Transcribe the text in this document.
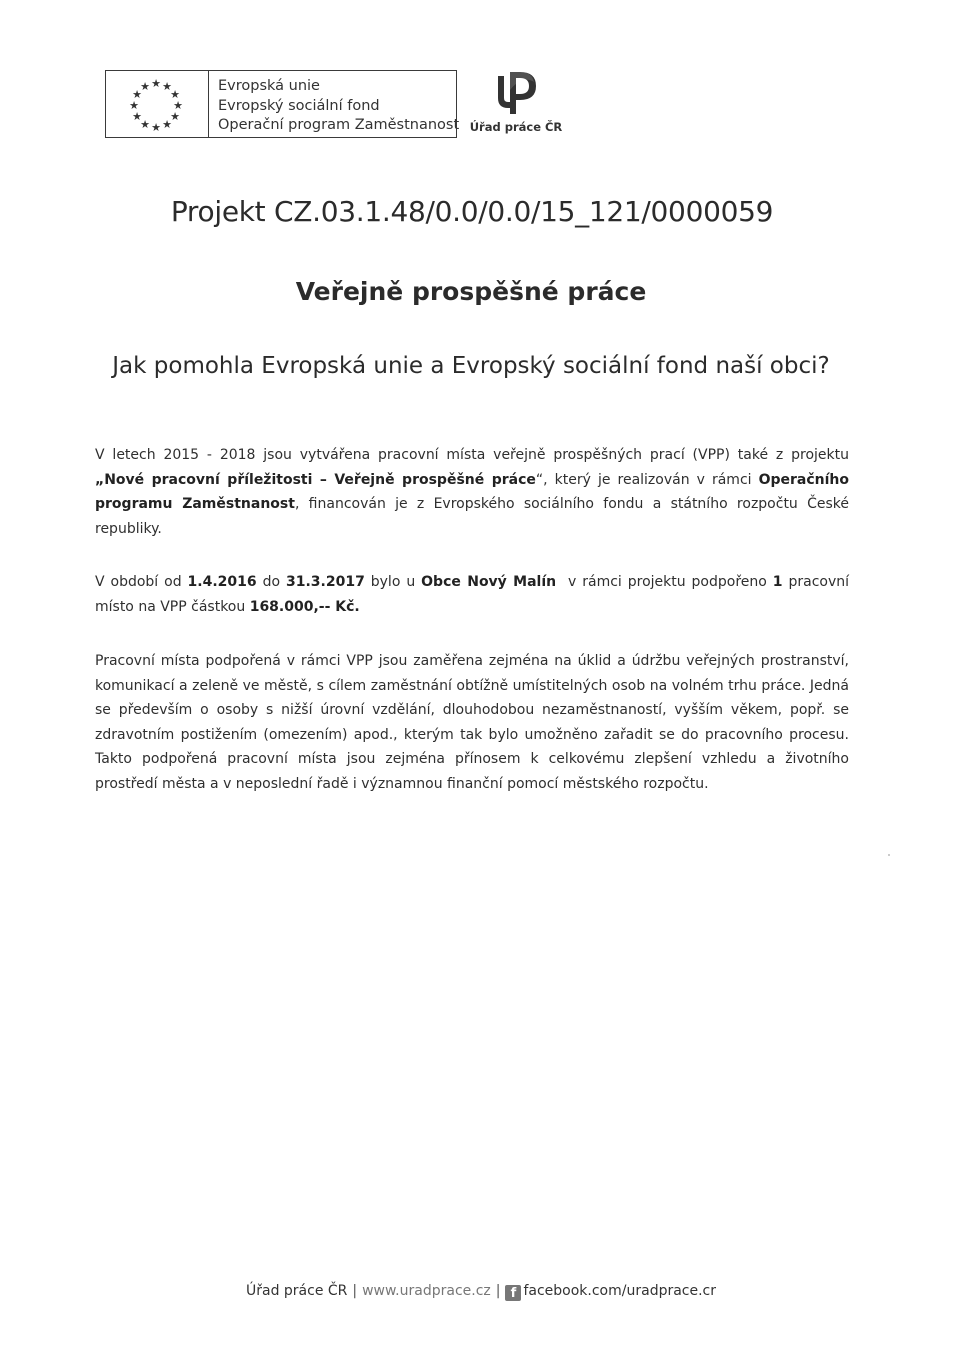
★ ★
★
★
★
★
★
★
★
★
★
★	Evropská unie
Evropský sociální fond
Operační program Zaměstnanost Úřad práce ČR
Projekt CZ.03.1.48/0.0/0.0/15_121/0000059
Veřejně prospěšné práce
Jak pomohla Evropská unie a Evropský sociální fond naší obci?
V letech 2015 - 2018 jsou vytvářena pracovní místa veřejně prospěšných prací (VPP) také z projektu „Nové pracovní příležitosti – Veřejně prospěšné práce“, který je realizován v rámci Operačního programu Zaměstnanost, financován je z Evropského sociálního fondu a státního rozpočtu České republiky.
V období od 1.4.2016 do 31.3.2017 bylo u Obce Nový Malín  v rámci projektu podpořeno 1 pracovní místo na VPP částkou 168.000,-- Kč.
Pracovní místa podpořená v rámci VPP jsou zaměřena zejména na úklid a údržbu veřejných prostranství, komunikací a zeleně ve městě, s cílem zaměstnání obtížně umístitelných osob na volném trhu práce. Jedná se především o osoby s nižší úrovní vzdělání, dlouhodobou nezaměstnaností, vyšším věkem, popř. se zdravotním postižením (omezením) apod., kterým tak bylo umožněno zařadit se do pracovního procesu. Takto podpořená pracovní místa jsou zejména přínosem k celkovému zlepšení vzhledu a životního prostředí města a v neposlední řadě i významnou finanční pomocí městského rozpočtu.
Úřad práce ČR | www.uradprace.cz | f facebook.com/uradprace.cr
